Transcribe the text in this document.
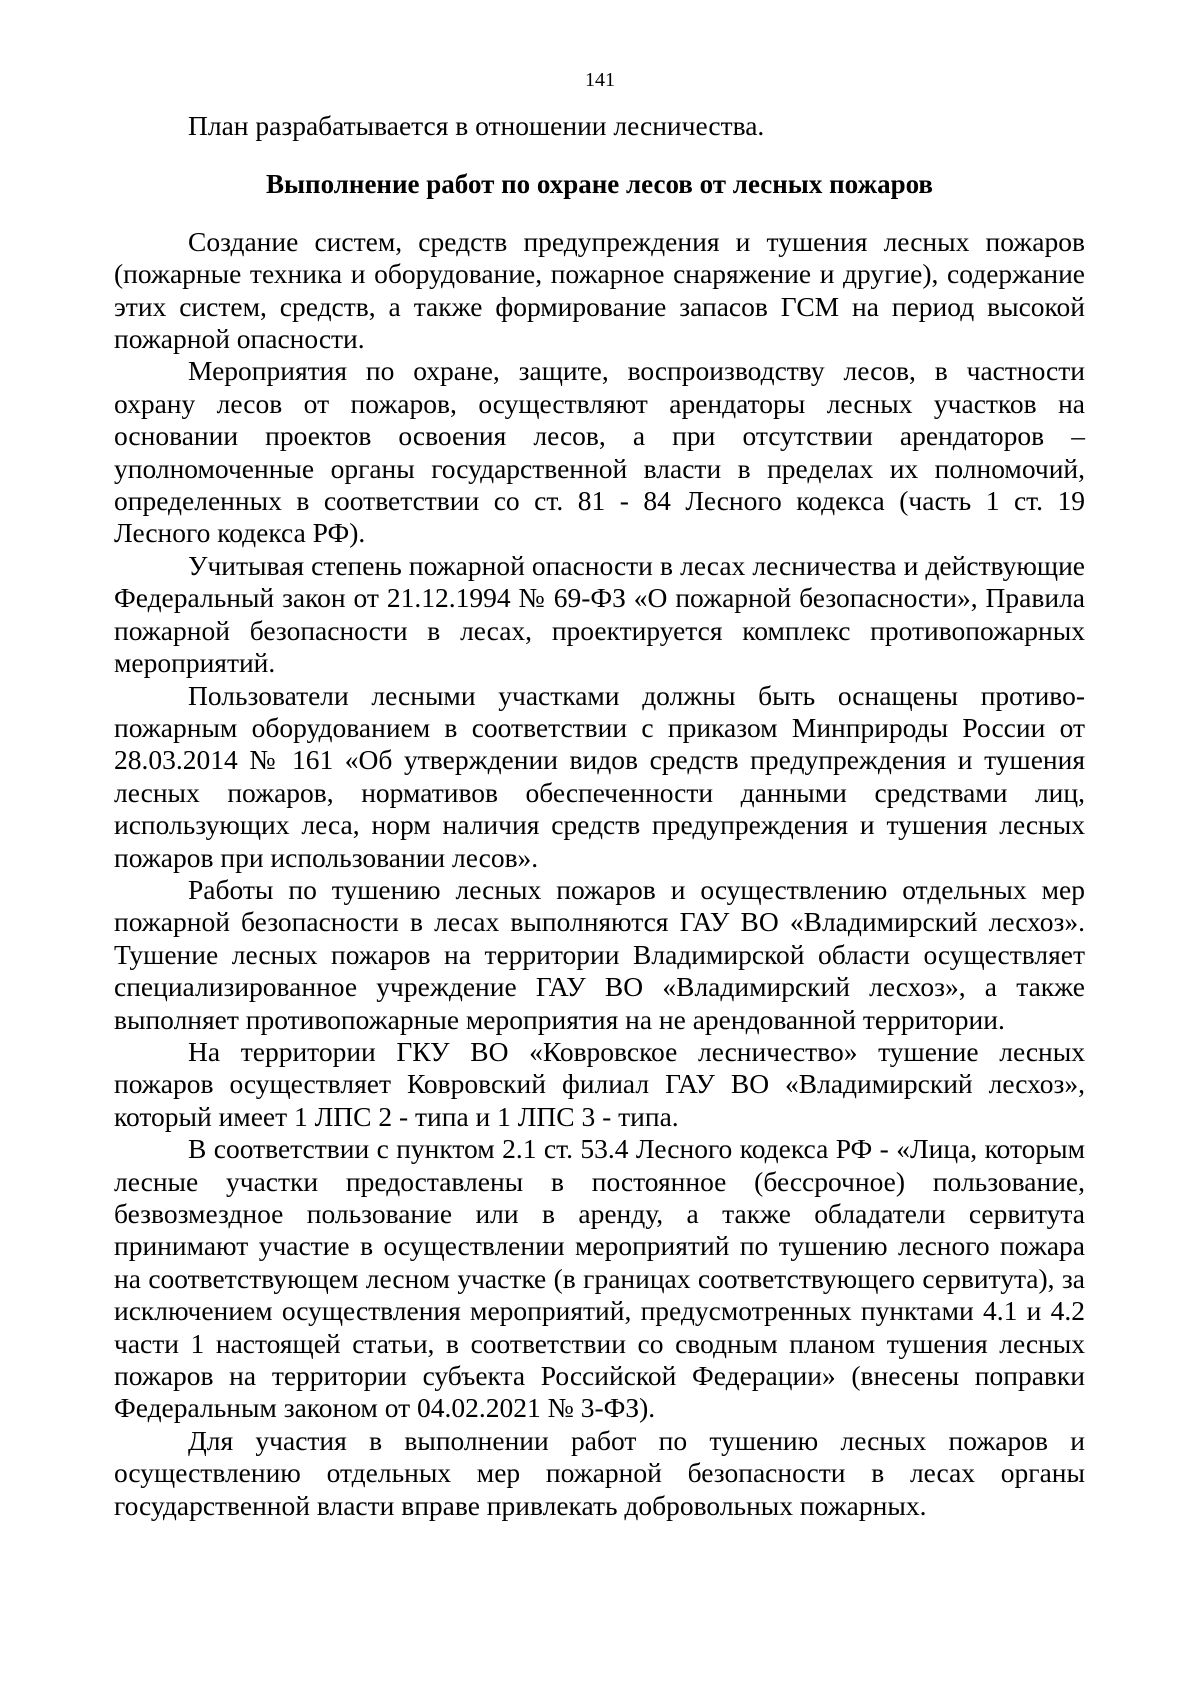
141

План разрабатывается в отношении лесничества.

Выполнение работ по охране лесов от лесных пожаров

Создание систем, средств предупреждения и тушения лесных пожаров (пожарные техника и оборудование, пожарное снаряжение и другие), содержание этих систем, средств, а также формирование запасов ГСМ на период высокой пожарной опасности.

Мероприятия по охране, защите, воспроизводству лесов, в частности охрану лесов от пожаров, осуществляют арендаторы лесных участков на основании проектов освоения лесов, а при отсутствии арендаторов – уполномоченные органы государственной власти в пределах их полномочий, определенных в соответствии со ст. 81 - 84 Лесного кодекса (часть 1 ст. 19 Лесного кодекса РФ).

Учитывая степень пожарной опасности в лесах лесничества и действующие Федеральный закон от 21.12.1994 № 69-ФЗ «О пожарной безопасности», Правила пожарной безопасности в лесах, проектируется комплекс противопожарных мероприятий.

Пользователи лесными участками должны быть оснащены противо-пожарным оборудованием в соответствии с приказом Минприроды России от 28.03.2014 № 161 «Об утверждении видов средств предупреждения и тушения лесных пожаров, нормативов обеспеченности данными средствами лиц, использующих леса, норм наличия средств предупреждения и тушения лесных пожаров при использовании лесов».

Работы по тушению лесных пожаров и осуществлению отдельных мер пожарной безопасности в лесах выполняются ГАУ ВО «Владимирский лесхоз». Тушение лесных пожаров на территории Владимирской области осуществляет специализированное учреждение ГАУ ВО «Владимирский лесхоз», а также выполняет противопожарные мероприятия на не арендованной территории.

На территории ГКУ ВО «Ковровское лесничество» тушение лесных пожаров осуществляет Ковровский филиал ГАУ ВО «Владимирский лесхоз», который имеет 1 ЛПС 2 - типа и 1 ЛПС 3 - типа.

В соответствии с пунктом 2.1 ст. 53.4 Лесного кодекса РФ - «Лица, которым лесные участки предоставлены в постоянное (бессрочное) пользование, безвозмездное пользование или в аренду, а также обладатели сервитута принимают участие в осуществлении мероприятий по тушению лесного пожара на соответствующем лесном участке (в границах соответствующего сервитута), за исключением осуществления мероприятий, предусмотренных пунктами 4.1 и 4.2 части 1 настоящей статьи, в соответствии со сводным планом тушения лесных пожаров на территории субъекта Российской Федерации» (внесены поправки Федеральным законом от 04.02.2021 № 3-ФЗ).

Для участия в выполнении работ по тушению лесных пожаров и осуществлению отдельных мер пожарной безопасности в лесах органы государственной власти вправе привлекать добровольных пожарных.
